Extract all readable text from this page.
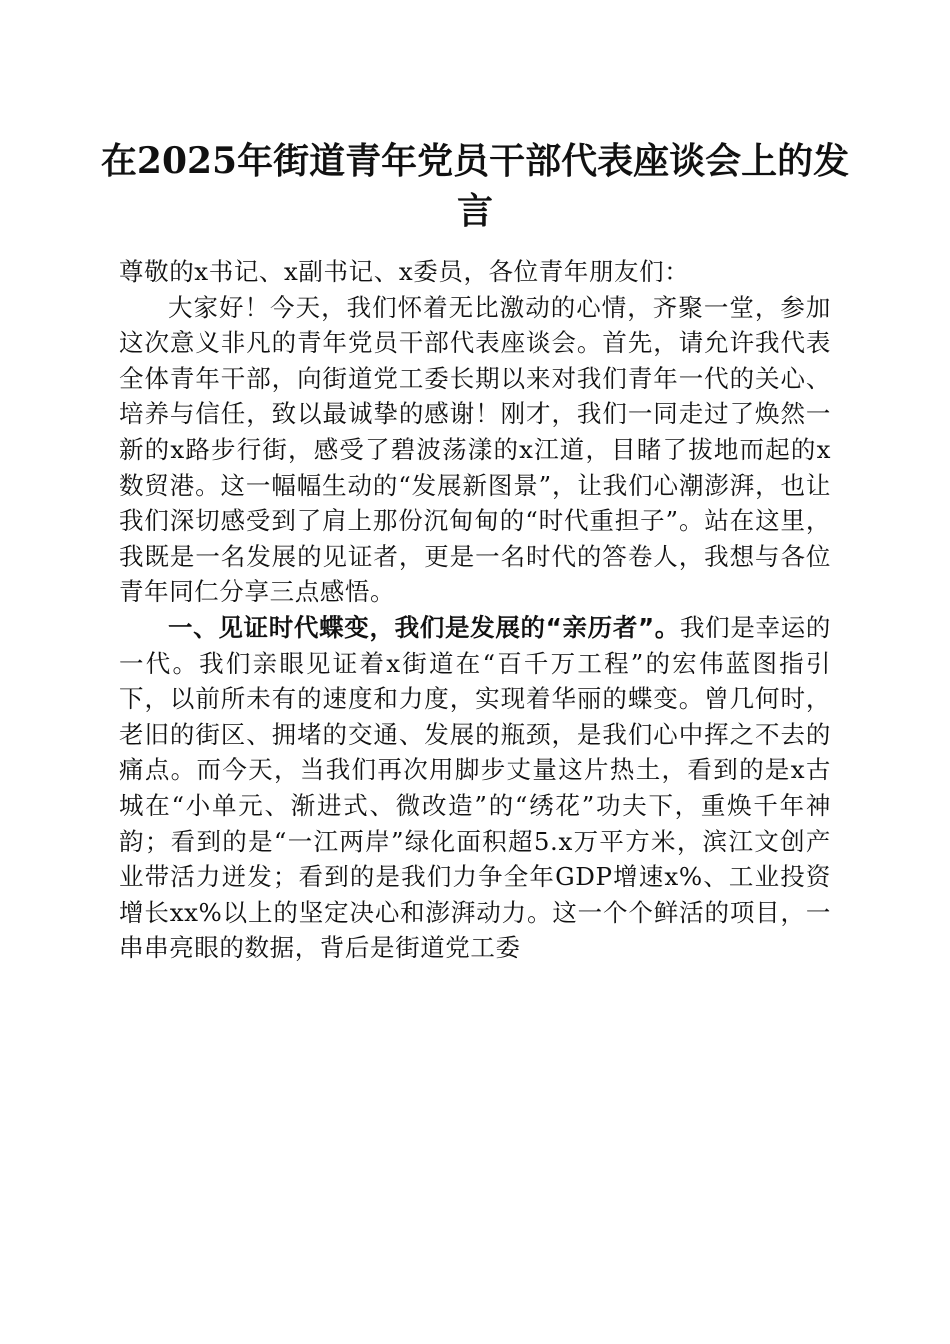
在2025年街道青年党员干部代表座谈会上的发言

尊敬的x书记、x副书记、x委员，各位青年朋友们：

大家好！今天，我们怀着无比激动的心情，齐聚一堂，参加这次意义非凡的青年党员干部代表座谈会。首先，请允许我代表全体青年干部，向街道党工委长期以来对我们青年一代的关心、培养与信任，致以最诚挚的感谢！刚才，我们一同走过了焕然一新的x路步行街，感受了碧波荡漾的x江道，目睹了拔地而起的x数贸港。这一幅幅生动的“发展新图景”，让我们心潮澎湃，也让我们深切感受到了肩上那份沉甸甸的“时代重担子”。站在这里，我既是一名发展的见证者，更是一名时代的答卷人，我想与各位青年同仁分享三点感悟。

一、见证时代蝶变，我们是发展的“亲历者”。我们是幸运的一代。我们亲眼见证着x街道在“百千万工程”的宏伟蓝图指引下，以前所未有的速度和力度，实现着华丽的蝶变。曾几何时，老旧的街区、拥堵的交通、发展的瓶颈，是我们心中挥之不去的痛点。而今天，当我们再次用脚步丈量这片热土，看到的是x古城在“小单元、渐进式、微改造”的“绣花”功夫下，重焕千年神韵；看到的是“一江两岸”绿化面积超5.x万平方米，滨江文创产业带活力迸发；看到的是我们力争全年GDP增速x%、工业投资增长xx%以上的坚定决心和澎湃动力。这一个个鲜活的项目，一串串亮眼的数据，背后是街道党工委
